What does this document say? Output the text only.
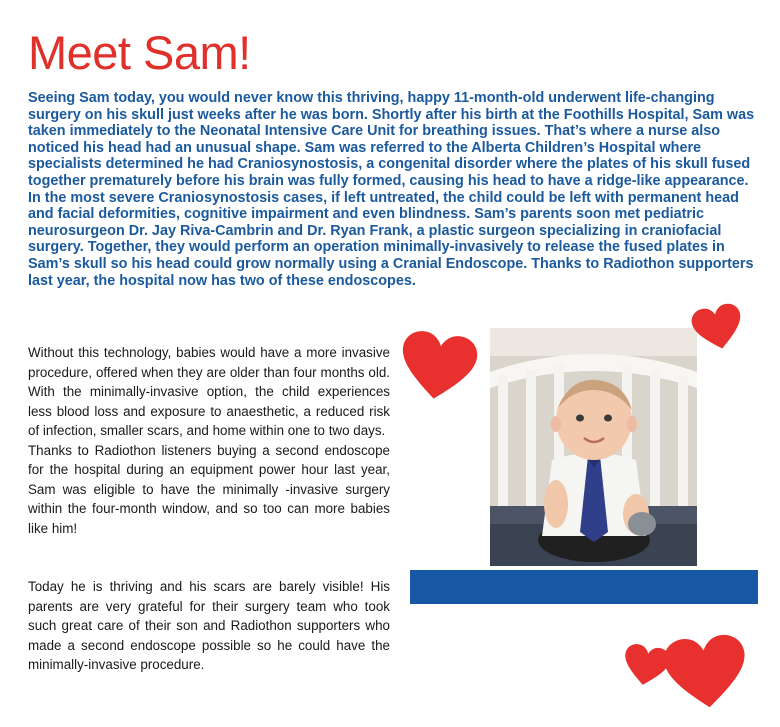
Meet Sam!

Seeing Sam today, you would never know this thriving, happy 11-month-old underwent life-changing surgery on his skull just weeks after he was born. Shortly after his birth at the Foothills Hospital, Sam was taken immediately to the Neonatal Intensive Care Unit for breathing issues. That’s where a nurse also noticed his head had an unusual shape. Sam was referred to the Alberta Children’s Hospital where specialists determined he had Craniosynostosis, a congenital disorder where the plates of his skull fused together prematurely before his brain was fully formed, causing his head to have a ridge-like appearance. In the most severe Craniosynostosis cases, if left untreated, the child could be left with permanent head and facial deformities, cognitive impairment and even blindness. Sam’s parents soon met pediatric neurosurgeon Dr. Jay Riva-Cambrin and Dr. Ryan Frank, a plastic surgeon specializing in craniofacial surgery. Together, they would perform an operation minimally-invasively to release the fused plates in Sam’s skull so his head could grow normally using a Cranial Endoscope. Thanks to Radiothon supporters last year, the hospital now has two of these endoscopes.

Without this technology, babies would have a more invasive procedure, offered when they are older than four months old. With the minimally-invasive option, the child experiences less blood loss and exposure to anaesthetic, a reduced risk of infection, smaller scars, and home within one to two days.

Thanks to Radiothon listeners buying a second endoscope for the hospital during an equipment power hour last year, Sam was eligible to have the minimally -invasive surgery within the four-month window, and so too can more babies like him!

Today he is thriving and his scars are barely visible! His parents are very grateful for their surgery team who took such great care of their son and Radiothon supporters who made a second endoscope possible so he could have the minimally-invasive procedure.
